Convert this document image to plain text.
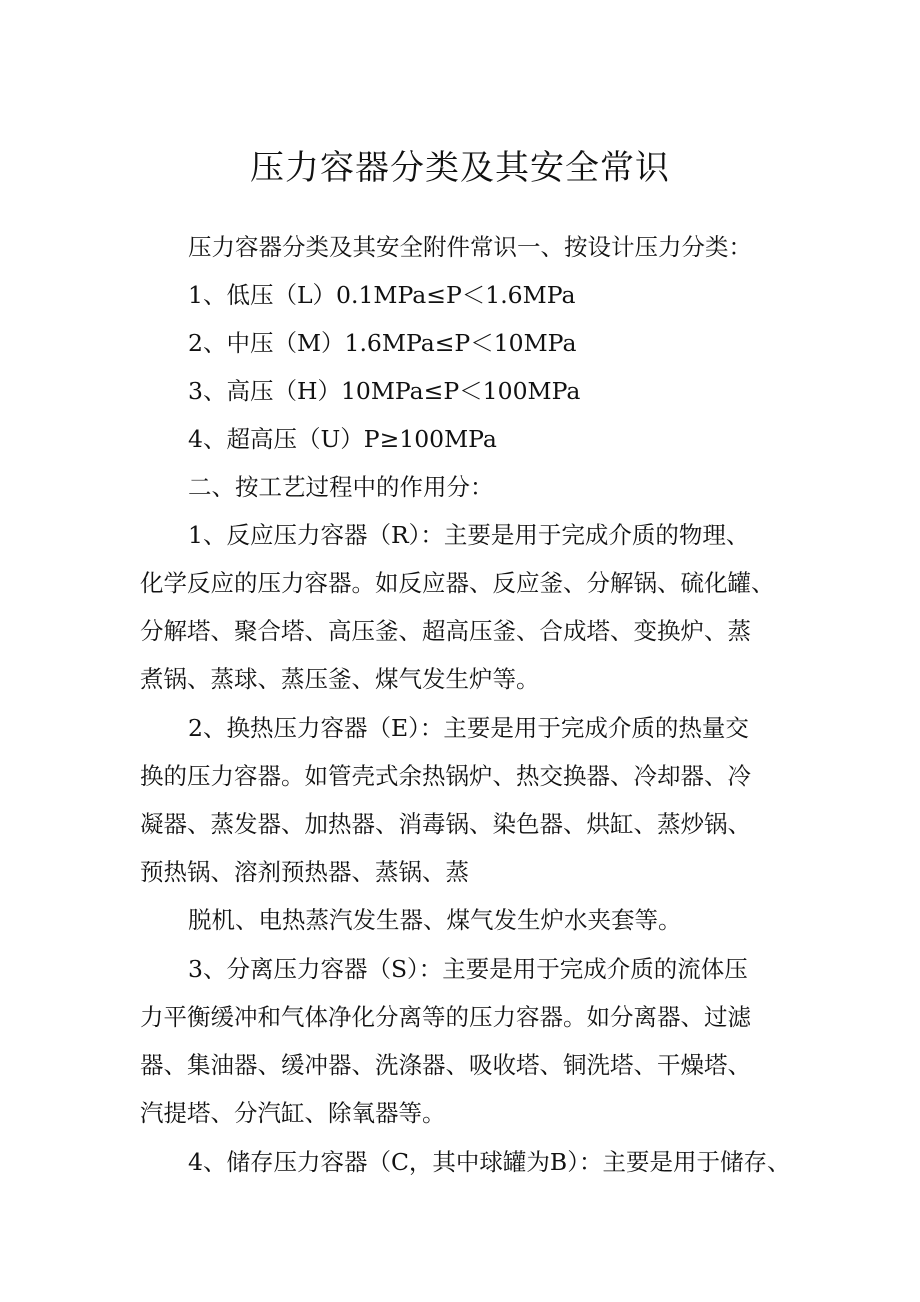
压力容器分类及其安全常识
压力容器分类及其安全附件常识一、按设计压力分类：
1、低压（L）0.1MPa≤P＜1.6MPa
2、中压（M）1.6MPa≤P＜10MPa
3、高压（H）10MPa≤P＜100MPa
4、超高压（U）P≥100MPa
二、按工艺过程中的作用分：
1、反应压力容器（R）：主要是用于完成介质的物理、
化学反应的压力容器。如反应器、反应釜、分解锅、硫化罐、
分解塔、聚合塔、高压釜、超高压釜、合成塔、变换炉、蒸
煮锅、蒸球、蒸压釜、煤气发生炉等。
2、换热压力容器（E）：主要是用于完成介质的热量交
换的压力容器。如管壳式余热锅炉、热交换器、冷却器、冷
凝器、蒸发器、加热器、消毒锅、染色器、烘缸、蒸炒锅、
预热锅、溶剂预热器、蒸锅、蒸
脱机、电热蒸汽发生器、煤气发生炉水夹套等。
3、分离压力容器（S）：主要是用于完成介质的流体压
力平衡缓冲和气体净化分离等的压力容器。如分离器、过滤
器、集油器、缓冲器、洗涤器、吸收塔、铜洗塔、干燥塔、
汽提塔、分汽缸、除氧器等。
4、储存压力容器（C，其中球罐为B）：主要是用于储存、
